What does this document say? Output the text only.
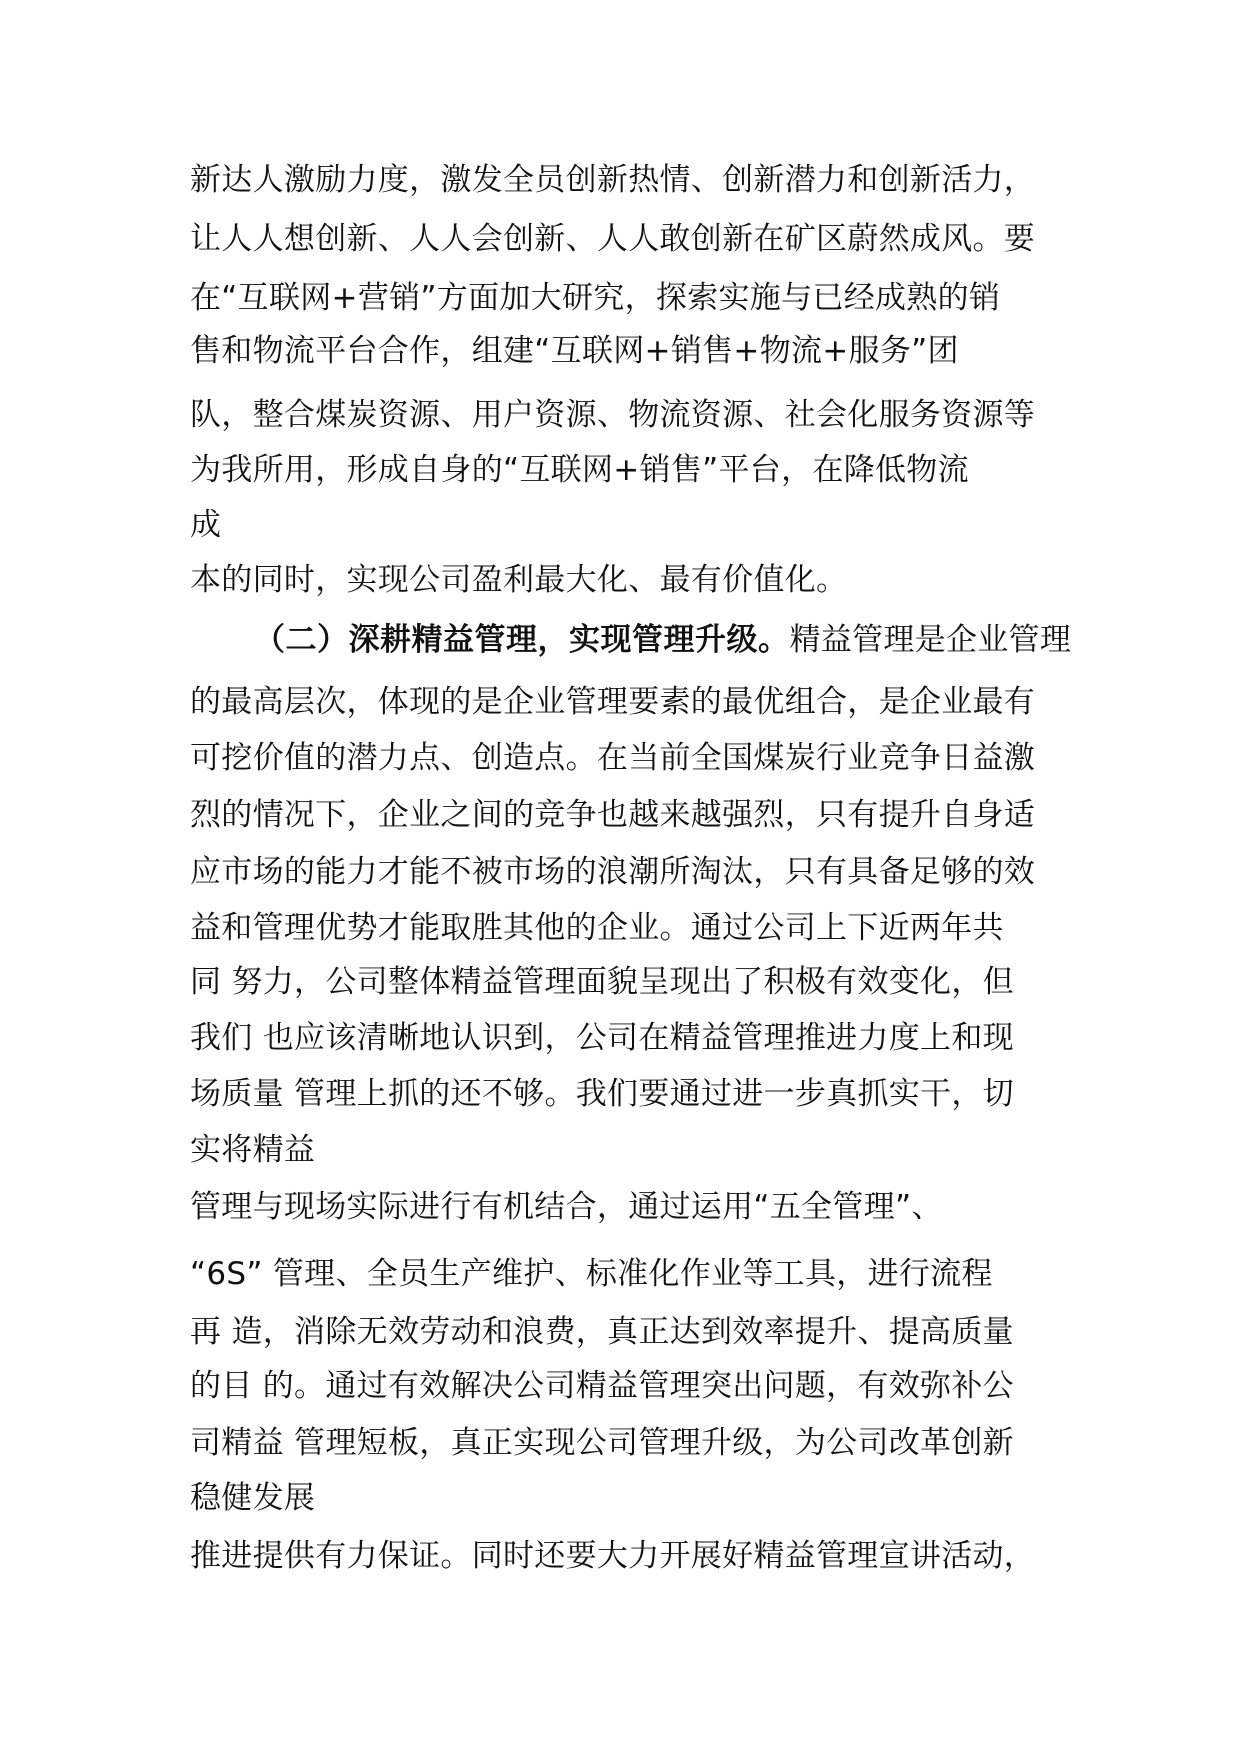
新达人激励力度，激发全员创新热情、创新潜力和创新活力，
让人人想创新、人人会创新、人人敢创新在矿区蔚然成风。要
在“互联网+营销”方面加大研究，探索实施与已经成熟的销
售和物流平台合作，组建“互联网+销售+物流+服务”团
队，整合煤炭资源、用户资源、物流资源、社会化服务资源等
为我所用，形成自身的“互联网+销售”平台，在降低物流
成
本的同时，实现公司盈利最大化、最有价值化。
（二）深耕精益管理，实现管理升级。精益管理是企业管理
的最高层次，体现的是企业管理要素的最优组合，是企业最有
可挖价值的潜力点、创造点。在当前全国煤炭行业竞争日益激
烈的情况下，企业之间的竞争也越来越强烈，只有提升自身适
应市场的能力才能不被市场的浪潮所淘汰，只有具备足够的效
益和管理优势才能取胜其他的企业。通过公司上下近两年共
同 努力，公司整体精益管理面貌呈现出了积极有效变化，但
我们 也应该清晰地认识到，公司在精益管理推进力度上和现
场质量 管理上抓的还不够。我们要通过进一步真抓实干，切
实将精益
管理与现场实际进行有机结合，通过运用“五全管理”、
“6S” 管理、全员生产维护、标准化作业等工具，进行流程
再 造，消除无效劳动和浪费，真正达到效率提升、提高质量
的目 的。通过有效解决公司精益管理突出问题，有效弥补公
司精益 管理短板，真正实现公司管理升级，为公司改革创新
稳健发展
推进提供有力保证。同时还要大力开展好精益管理宣讲活动，
